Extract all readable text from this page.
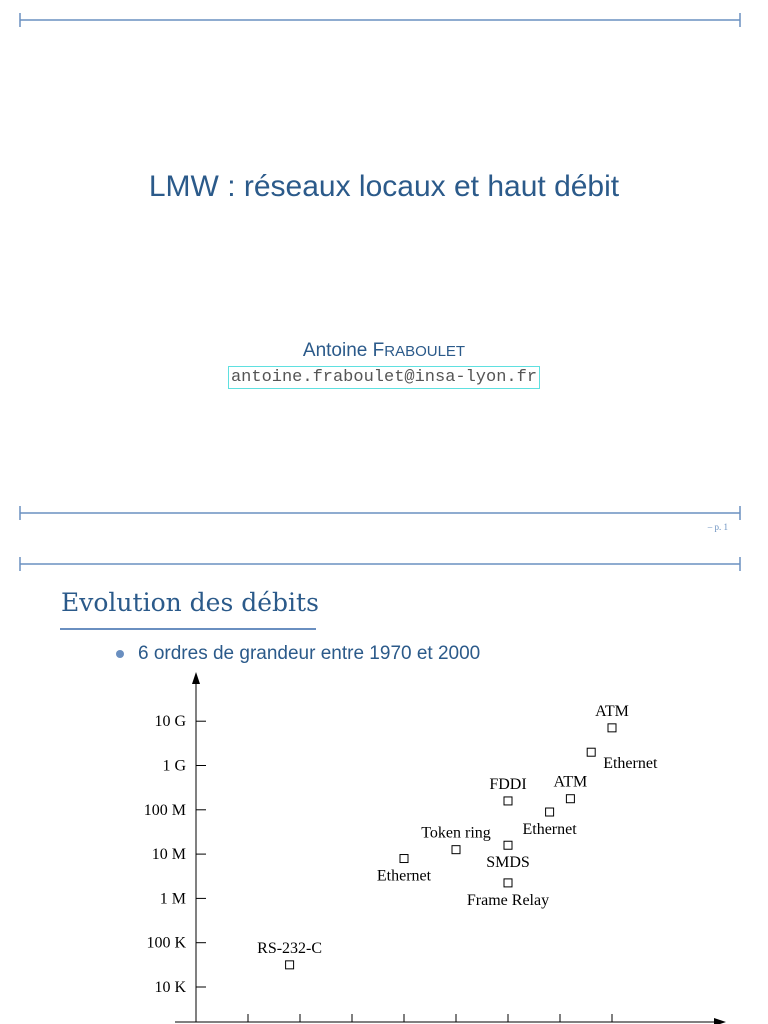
LMW : réseaux locaux et haut débit
Antoine FRABOULET
antoine.fraboulet@insa-lyon.fr
– p. 1
Evolution des débits
6 ordres de grandeur entre 1970 et 2000
10 K
100 K
1 M
10 M
100 M
1 G
10 G
RS-232-C
Ethernet
Token ring
FDDI
SMDS
Frame Relay
Ethernet
ATM
Ethernet
ATM
